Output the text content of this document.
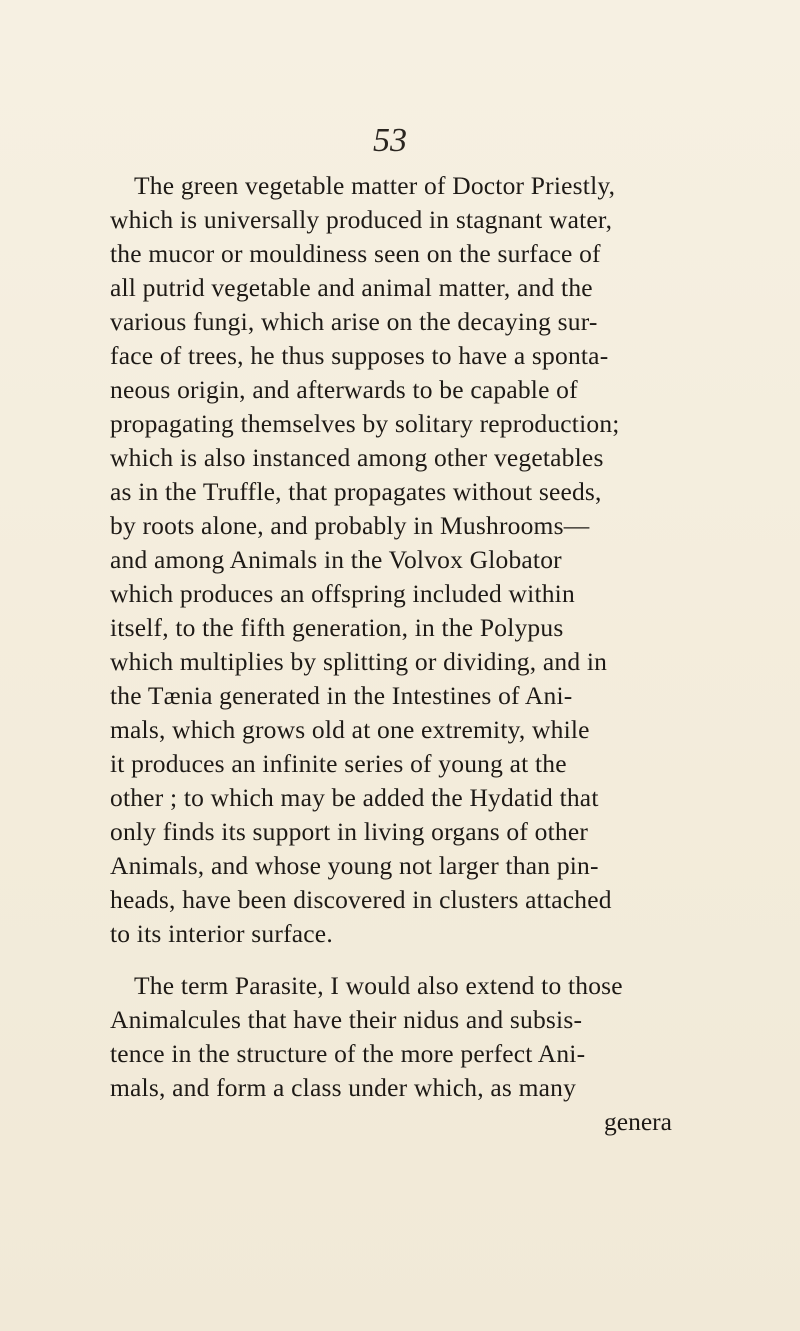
53
The green vegetable matter of Doctor Priestly,
which is universally produced in stagnant water,
the mucor or mouldiness seen on the surface of
all putrid vegetable and animal matter, and the
various fungi, which arise on the decaying sur-
face of trees, he thus supposes to have a sponta-
neous origin, and afterwards to be capable of
propagating themselves by solitary reproduction;
which is also instanced among other vegetables
as in the Truffle, that propagates without seeds,
by roots alone, and probably in Mushrooms—
and among Animals in the Volvox Globator
which produces an offspring included within
itself, to the fifth generation, in the Polypus
which multiplies by splitting or dividing, and in
the Tænia generated in the Intestines of Ani-
mals, which grows old at one extremity, while
it produces an infinite series of young at the
other ; to which may be added the Hydatid that
only finds its support in living organs of other
Animals, and whose young not larger than pin-
heads, have been discovered in clusters attached
to its interior surface.
The term Parasite, I would also extend to those
Animalcules that have their nidus and subsis-
tence in the structure of the more perfect Ani-
mals, and form a class under which, as many
genera
